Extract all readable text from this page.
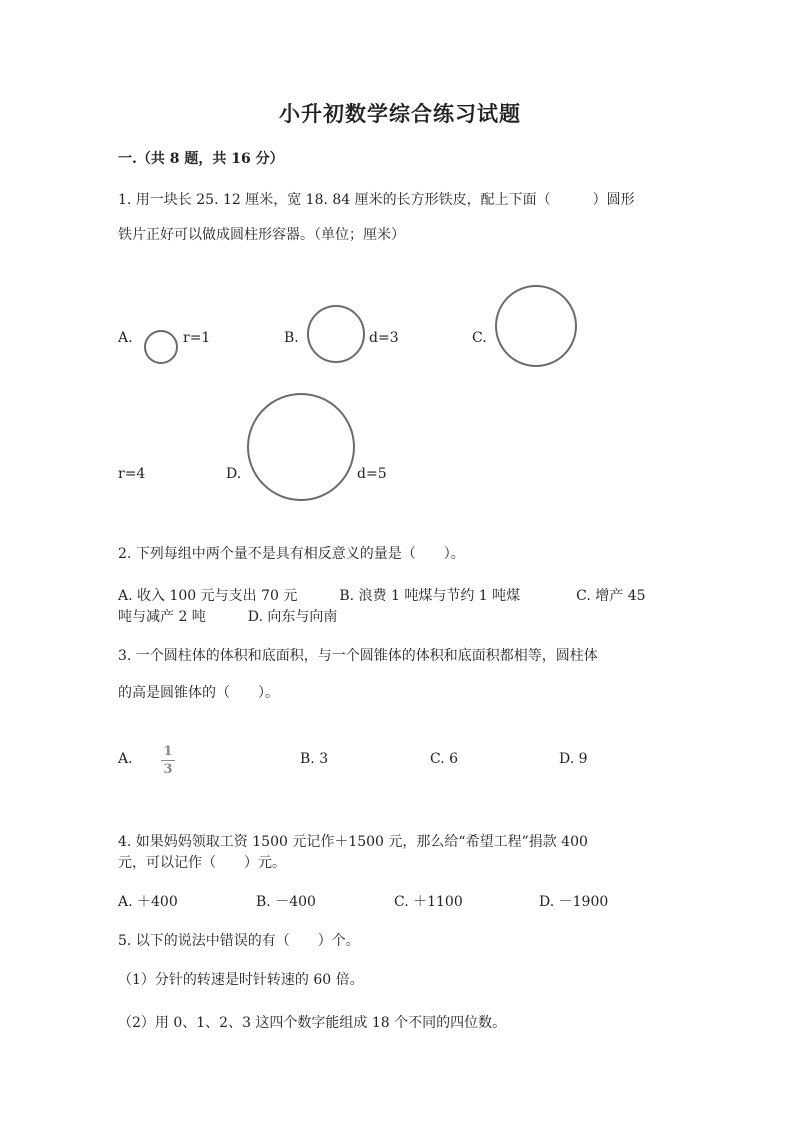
小升初数学综合练习试题
一.（共 8 题，共 16 分）
1. 用一块长 25. 12 厘米，宽 18. 84 厘米的长方形铁皮，配上下面（　　　）圆形
铁片正好可以做成圆柱形容器。（单位；厘米）
A.	r=1	B.	d=3	C.
r=4	D.	d=5
2. 下列每组中两个量不是具有相反意义的量是（　　）。
A. 收入 100 元与支出 70 元　　　B. 浪费 1 吨煤与节约 1 吨煤　　　　C. 增产 45
吨与减产 2 吨　　　D. 向东与向南
3. 一个圆柱体的体积和底面积，与一个圆锥体的体积和底面积都相等，圆柱体
的高是圆锥体的（　　）。
A.	1
3
B. 3	C. 6	D. 9
4. 如果妈妈领取工资 1500 元记作＋1500 元，那么给“希望工程”捐款 400
元，可以记作（　　）元。
A. ＋400	B. －400	C. ＋1100	D. －1900
5. 以下的说法中错误的有（　　）个。
（1）分针的转速是时针转速的 60 倍。
（2）用 0、1、2、3 这四个数字能组成 18 个不同的四位数。
